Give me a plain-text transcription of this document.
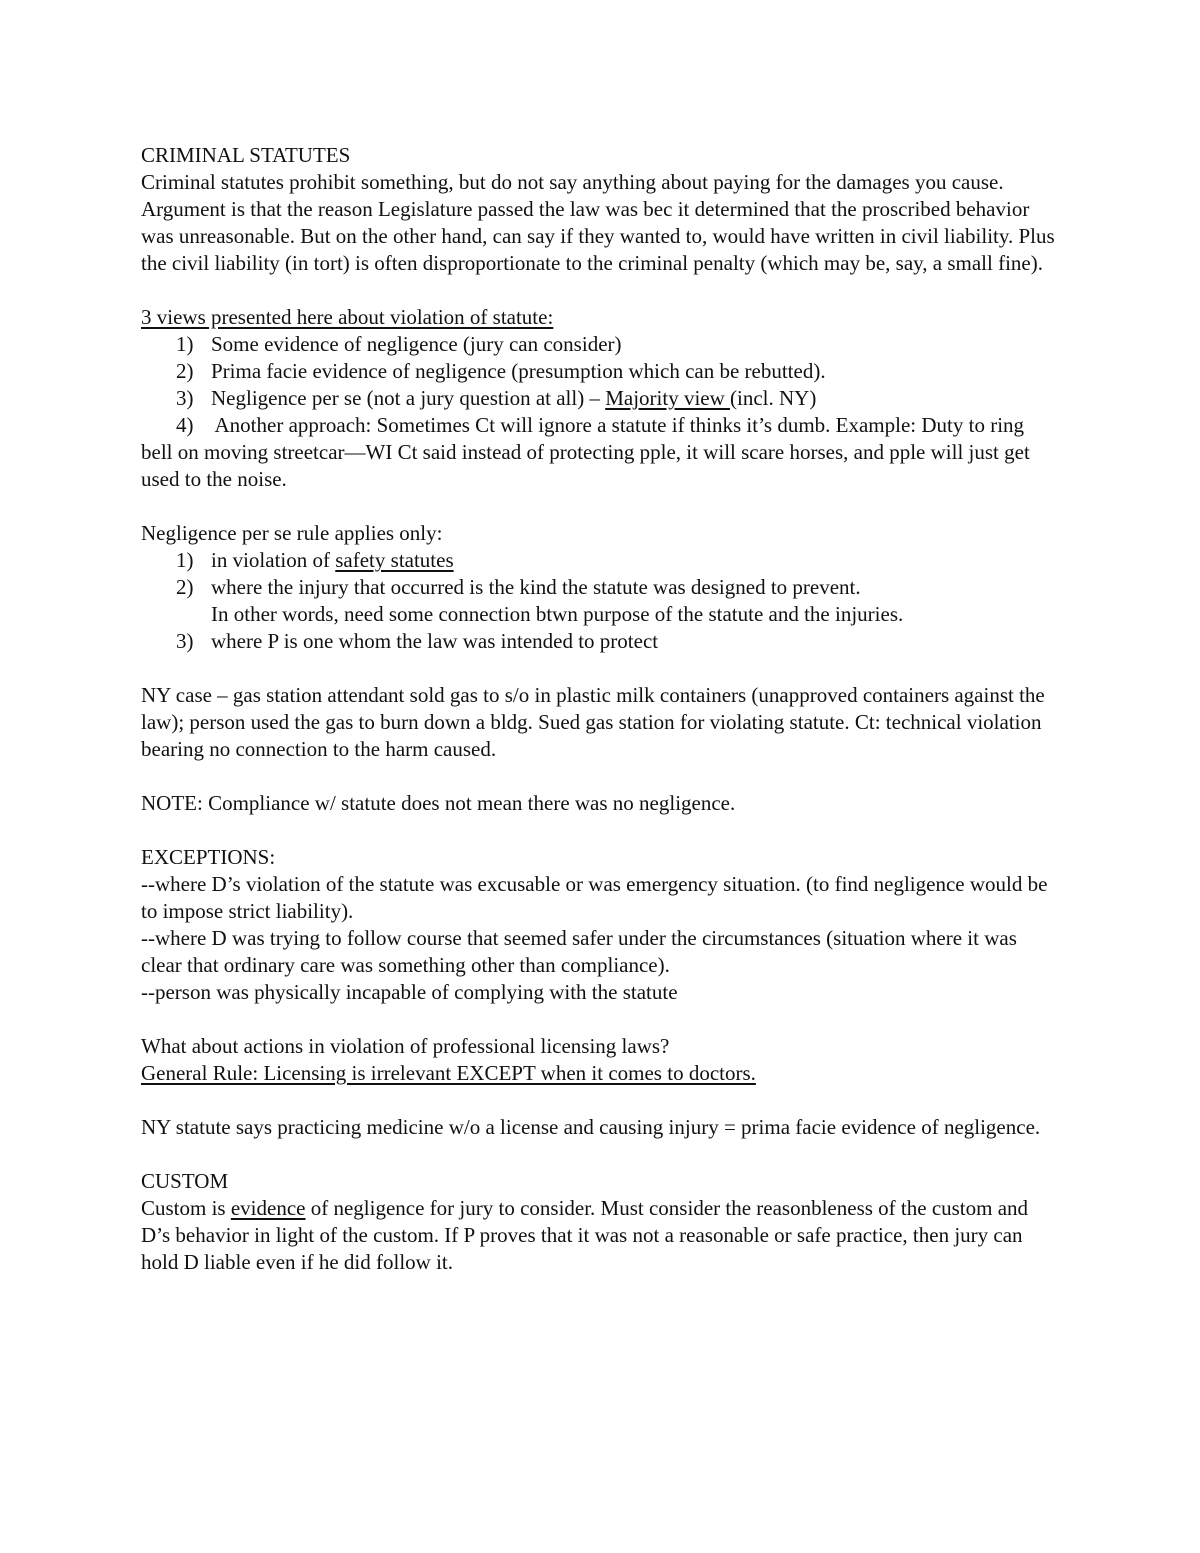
CRIMINAL STATUTES

Criminal statutes prohibit something, but do not say anything about paying for the damages you cause. Argument is that the reason Legislature passed the law was bec it determined that the proscribed behavior was unreasonable. But on the other hand, can say if they wanted to, would have written in civil liability. Plus the civil liability (in tort) is often disproportionate to the criminal penalty (which may be, say, a small fine).

3 views presented here about violation of statute:

1) Some evidence of negligence (jury can consider)
2) Prima facie evidence of negligence (presumption which can be rebutted).
3) Negligence per se (not a jury question at all) – Majority view (incl. NY)

4) Another approach: Sometimes Ct will ignore a statute if thinks it’s dumb. Example: Duty to ring bell on moving streetcar—WI Ct said instead of protecting pple, it will scare horses, and pple will just get used to the noise.

Negligence per se rule applies only:

1) in violation of safety statutes
2) where the injury that occurred is the kind the statute was designed to prevent.

In other words, need some connection btwn purpose of the statute and the injuries.

3) where P is one whom the law was intended to protect

NY case – gas station attendant sold gas to s/o in plastic milk containers (unapproved containers against the law); person used the gas to burn down a bldg. Sued gas station for violating statute. Ct: technical violation bearing no connection to the harm caused.

NOTE: Compliance w/ statute does not mean there was no negligence.

EXCEPTIONS:

--where D’s violation of the statute was excusable or was emergency situation. (to find negligence would be to impose strict liability).

--where D was trying to follow course that seemed safer under the circumstances (situation where it was clear that ordinary care was something other than compliance).

--person was physically incapable of complying with the statute

What about actions in violation of professional licensing laws?

General Rule: Licensing is irrelevant EXCEPT when it comes to doctors.

NY statute says practicing medicine w/o a license and causing injury = prima facie evidence of negligence.

CUSTOM

Custom is evidence of negligence for jury to consider. Must consider the reasonbleness of the custom and D’s behavior in light of the custom. If P proves that it was not a reasonable or safe practice, then jury can hold D liable even if he did follow it.
